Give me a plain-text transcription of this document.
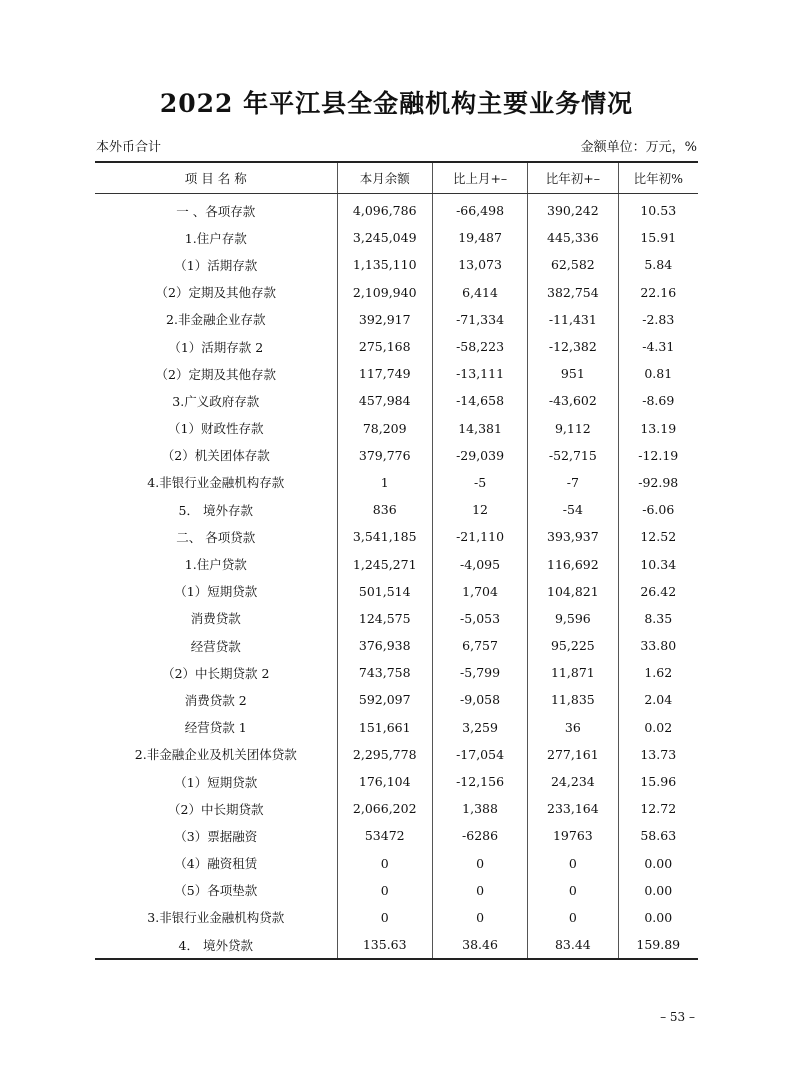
2022 年平江县全金融机构主要业务情况
本外币合计	金额单位：万元，%
项 目 名 称	本月余额	比上月+–	比年初+–	比年初%
一 、各项存款	4,096,786	-66,498	390,242	10.53
1.住户存款	3,245,049	19,487	445,336	15.91
（1）活期存款	1,135,110	13,073	62,582	5.84
（2）定期及其他存款	2,109,940	6,414	382,754	22.16
2.非金融企业存款	392,917	-71,334	-11,431	-2.83
（1）活期存款 2	275,168	-58,223	-12,382	-4.31
（2）定期及其他存款	117,749	-13,111	951	0.81
3.广义政府存款	457,984	-14,658	-43,602	-8.69
（1）财政性存款	78,209	14,381	9,112	13.19
（2）机关团体存款	379,776	-29,039	-52,715	-12.19
4.非银行业金融机构存款	1	-5	-7	-92.98
5． 境外存款	836	12	-54	-6.06
二、 各项贷款	3,541,185	-21,110	393,937	12.52
1.住户贷款	1,245,271	-4,095	116,692	10.34
（1）短期贷款	501,514	1,704	104,821	26.42
消费贷款	124,575	-5,053	9,596	8.35
经营贷款	376,938	6,757	95,225	33.80
（2）中长期贷款 2	743,758	-5,799	11,871	1.62
消费贷款 2	592,097	-9,058	11,835	2.04
经营贷款 1	151,661	3,259	36	0.02
2.非金融企业及机关团体贷款	2,295,778	-17,054	277,161	13.73
（1）短期贷款	176,104	-12,156	24,234	15.96
（2）中长期贷款	2,066,202	1,388	233,164	12.72
（3）票据融资	53472	-6286	19763	58.63
（4）融资租赁	0	0	0	0.00
（5）各项垫款	0	0	0	0.00
3.非银行业金融机构贷款	0	0	0	0.00
4． 境外贷款	135.63	38.46	83.44	159.89
– 53 –
